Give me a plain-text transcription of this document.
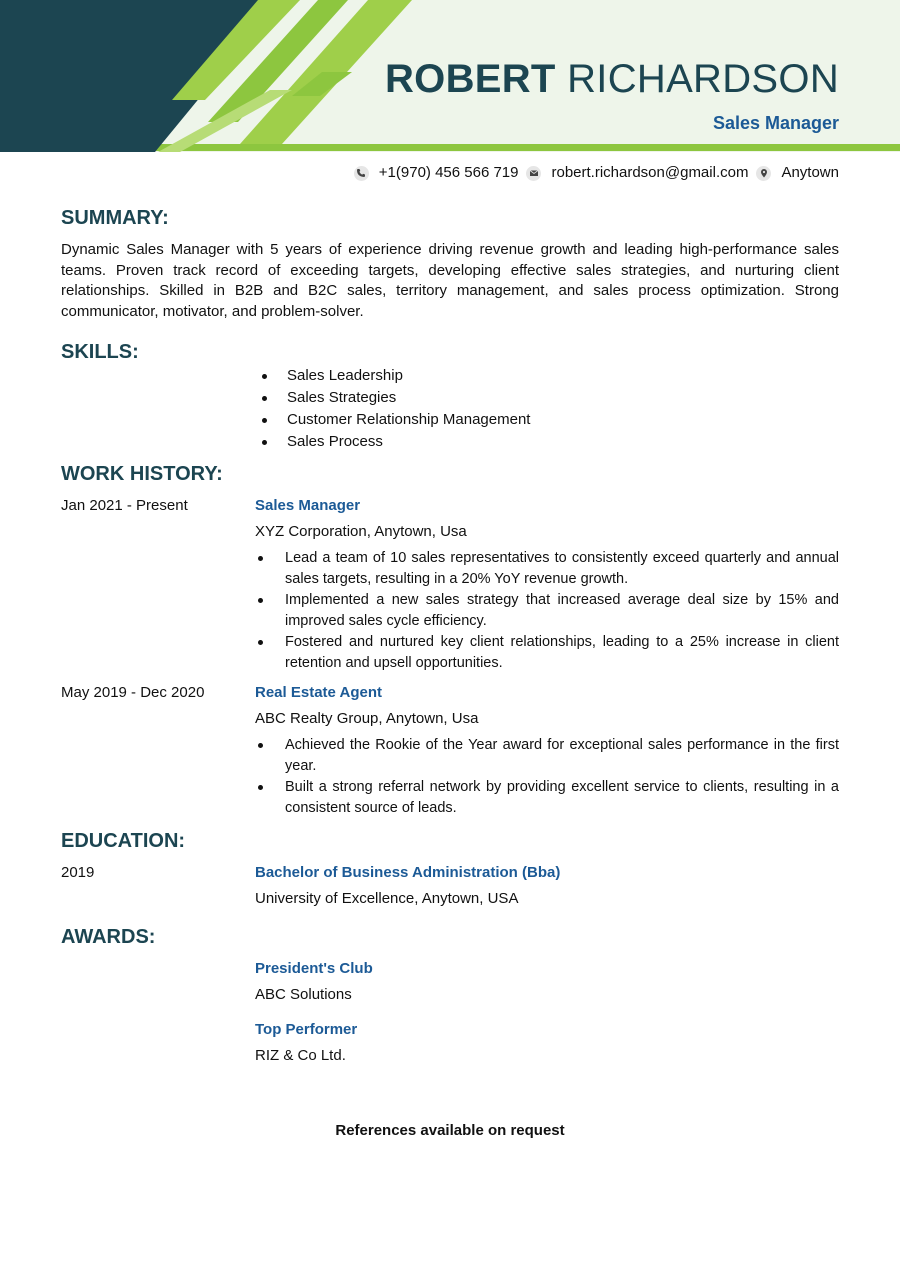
ROBERT RICHARDSON
Sales Manager
+1(970) 456 566 719 robert.richardson@gmail.com Anytown
SUMMARY:

Dynamic Sales Manager with 5 years of experience driving revenue growth and leading high-performance sales teams. Proven track record of exceeding targets, developing effective sales strategies, and nurturing client relationships. Skilled in B2B and B2C sales, territory management, and sales process optimization. Strong communicator, motivator, and problem-solver.

SKILLS:
Sales Leadership
Sales Strategies
Customer Relationship Management
Sales Process
WORK HISTORY:
Jan 2021 - Present	Sales Manager
XYZ Corporation, Anytown, Usa
Lead a team of 10 sales representatives to consistently exceed quarterly and annual sales targets, resulting in a 20% YoY revenue growth.
Implemented a new sales strategy that increased average deal size by 15% and improved sales cycle efficiency.
Fostered and nurtured key client relationships, leading to a 25% increase in client retention and upsell opportunities.
May 2019 - Dec 2020	Real Estate Agent
ABC Realty Group, Anytown, Usa
Achieved the Rookie of the Year award for exceptional sales performance in the first year.
Built a strong referral network by providing excellent service to clients, resulting in a consistent source of leads.
EDUCATION:
2019	Bachelor of Business Administration (Bba)
University of Excellence, Anytown, USA
AWARDS:
President's Club
ABC Solutions
Top Performer
RIZ & Co Ltd.
References available on request
